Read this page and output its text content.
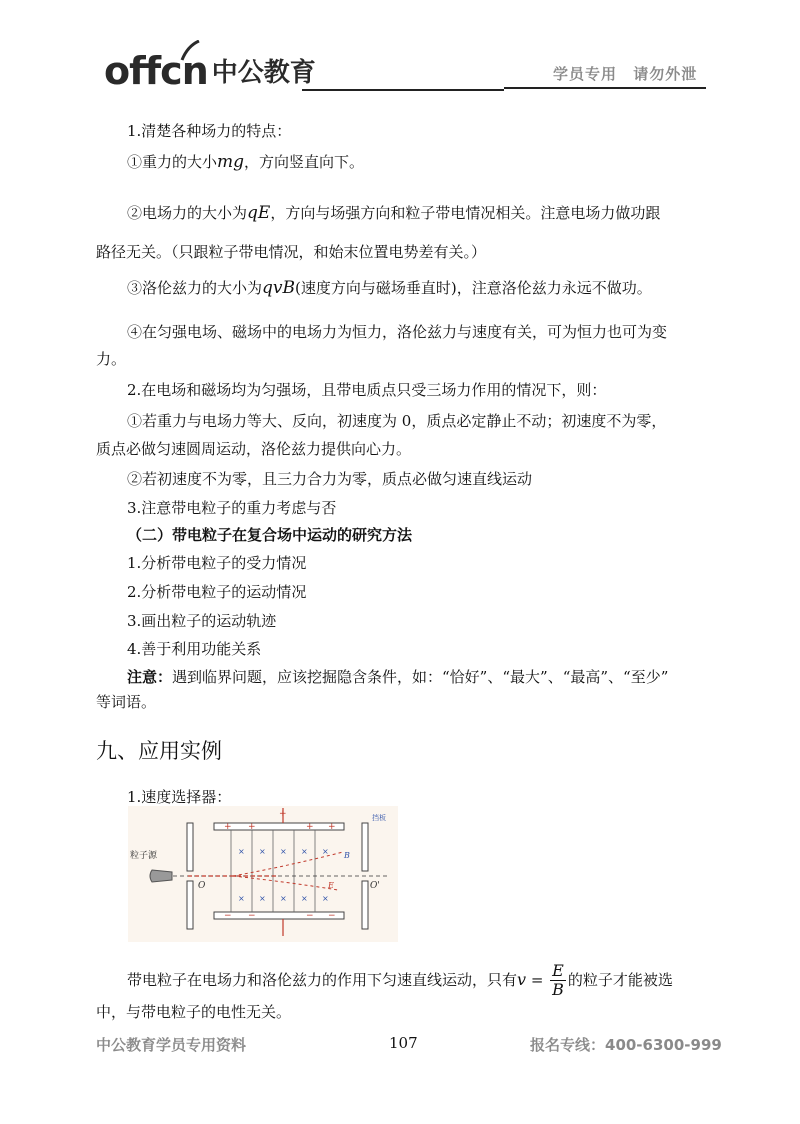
offcn 中公教育	学员专用 请勿外泄
1.清楚各种场力的特点：
①重力的大小mg，方向竖直向下。
②电场力的大小为qE，方向与场强方向和粒子带电情况相关。注意电场力做功跟
路径无关。（只跟粒子带电情况，和始末位置电势差有关。）
③洛伦兹力的大小为qvB(速度方向与磁场垂直时)，注意洛伦兹力永远不做功。
④在匀强电场、磁场中的电场力为恒力，洛伦兹力与速度有关，可为恒力也可为变
力。
2.在电场和磁场均为匀强场，且带电质点只受三场力作用的情况下，则：
①若重力与电场力等大、反向，初速度为 0，质点必定静止不动；初速度不为零，
质点必做匀速圆周运动，洛伦兹力提供向心力。
②若初速度不为零，且三力合力为零，质点必做匀速直线运动
3.注意带电粒子的重力考虑与否
（二）带电粒子在复合场中运动的研究方法
1.分析带电粒子的受力情况
2.分析带电粒子的运动情况
3.画出粒子的运动轨迹
4.善于利用功能关系
注意：遇到临界问题，应该挖掘隐含条件，如：“恰好”、“最大”、“最高”、“至少”
等词语。
九、应用实例
1.速度选择器：
粒子源
挡板
O	O'
B
E
+ +
+
+ +
− −	− −
× × × × ×
× × × × ×
带电粒子在电场力和洛伦兹力的作用下匀速直线运动，只有 $v = \frac{E}{B}$ 的粒子才能被选
中，与带电粒子的电性无关。
中公教育学员专用资料	107	报名专线：400-6300-999
